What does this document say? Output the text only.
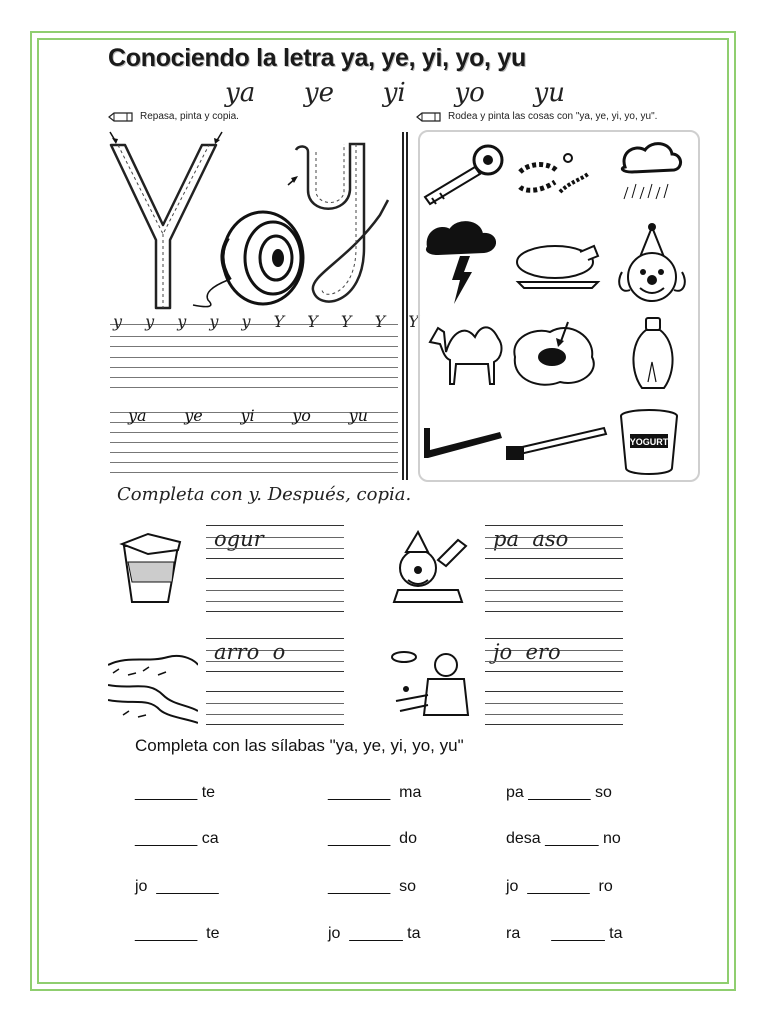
Conociendo la letra ya, ye, yi, yo, yu
ya ye yi yo yu
Repasa, pinta y copia.	Rodea y pinta las cosas con "ya, ye, yi, yo, yu".
y y y y y Y Y Y Y Y
ya ye yi yo yu
YOGURT
Completa con y. Después, copia.
ogur	pa  aso
arro  o	jo  ero
Completa con las sílabas "ya, ye, yi, yo, yu"
_______ te	_______  ma	pa _______ so
_______ ca	_______  do	desa ______ no
jo  _______	_______  so	jo  _______  ro
_______  te	jo  ______ ta	ra       ______ ta
